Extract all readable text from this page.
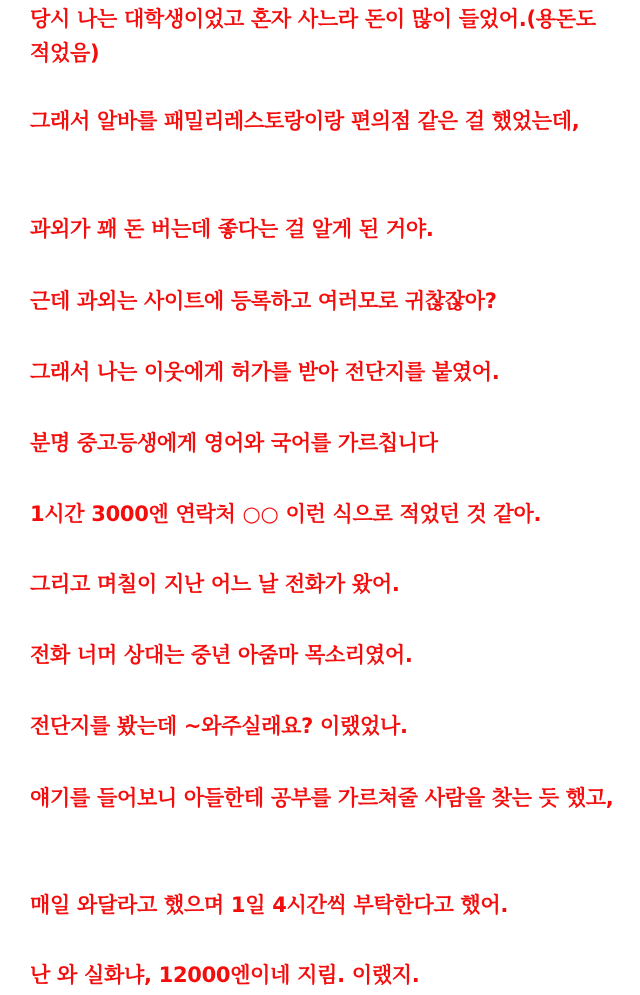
당시 나는 대학생이었고 혼자 사느라 돈이 많이 들었어.(용돈도 적었음)

그래서 알바를 패밀리레스토랑이랑 편의점 같은 걸 했었는데,

과외가 꽤 돈 버는데 좋다는 걸 알게 된 거야.

근데 과외는 사이트에 등록하고 여러모로 귀찮잖아?

그래서 나는 이웃에게 허가를 받아 전단지를 붙였어.

분명 중고등생에게 영어와 국어를 가르칩니다

1시간 3000엔 연락처 ○○ 이런 식으로 적었던 것 같아.

그리고 며칠이 지난 어느 날 전화가 왔어.

전화 너머 상대는 중년 아줌마 목소리였어.

전단지를 봤는데 ~와주실래요? 이랬었나.

얘기를 들어보니 아들한테 공부를 가르쳐줄 사람을 찾는 듯 했고,

매일 와달라고 했으며 1일 4시간씩 부탁한다고 했어.

난 와 실화냐, 12000엔이네 지림. 이랬지.
